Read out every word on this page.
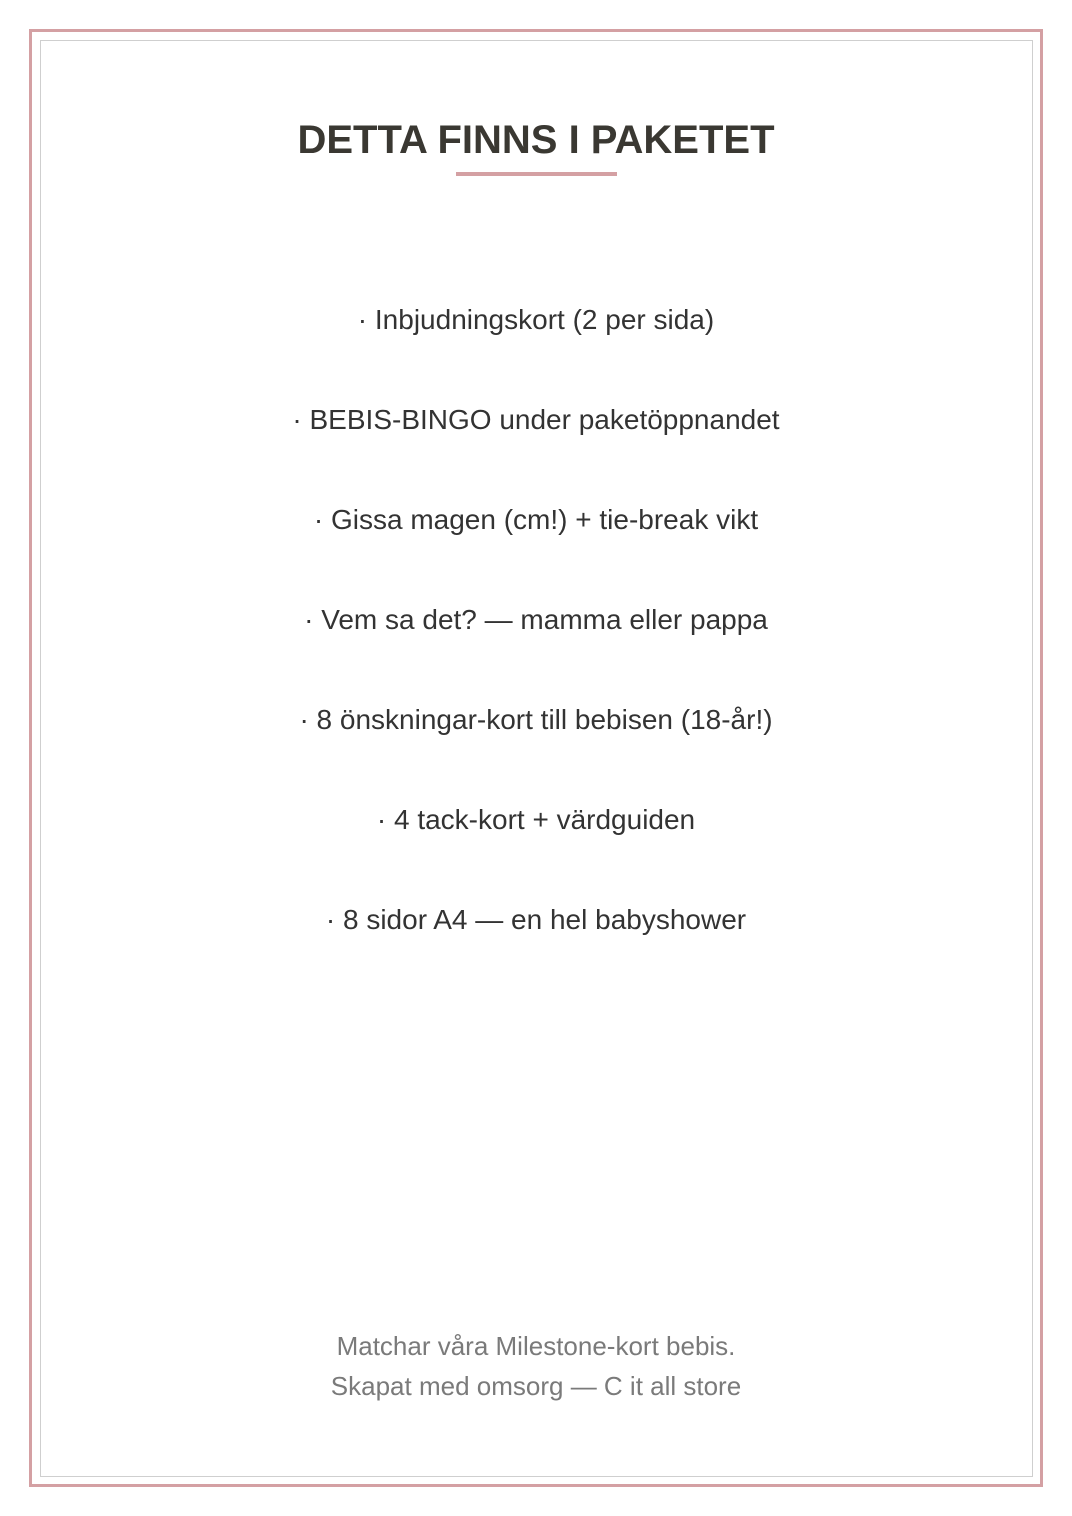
DETTA FINNS I PAKETET
· Inbjudningskort (2 per sida)
· BEBIS-BINGO under paketöppnandet
· Gissa magen (cm!) + tie-break vikt
· Vem sa det? — mamma eller pappa
· 8 önskningar-kort till bebisen (18-år!)
· 4 tack-kort + värdguiden
· 8 sidor A4 — en hel babyshower
Matchar våra Milestone-kort bebis.
Skapat med omsorg — C it all store
